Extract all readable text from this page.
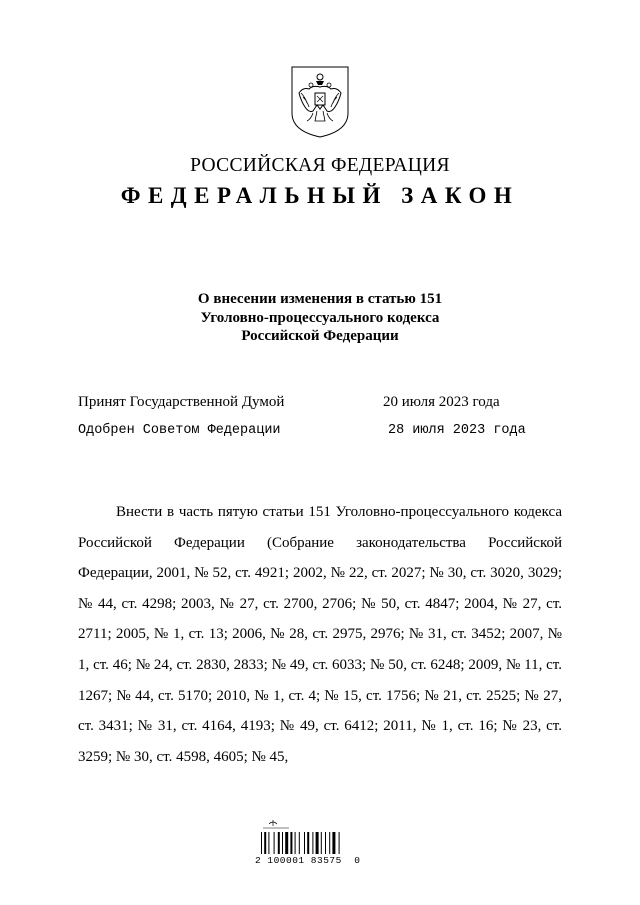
РОССИЙСКАЯ ФЕДЕРАЦИЯ
ФЕДЕРАЛЬНЫЙ ЗАКОН
О внесении изменения в статью 151
Уголовно-процессуального кодекса
Российской Федерации
Принят Государственной Думой	20 июля 2023 года
Одобрен Советом Федерации	28 июля 2023 года

Внести в часть пятую статьи 151 Уголовно-процессуального кодекса Российской Федерации (Собрание законодательства Российской Федерации, 2001, № 52, ст. 4921; 2002, № 22, ст. 2027; № 30, ст. 3020, 3029; № 44, ст. 4298; 2003, № 27, ст. 2700, 2706; № 50, ст. 4847; 2004, № 27, ст. 2711; 2005, № 1, ст. 13; 2006, № 28, ст. 2975, 2976; № 31, ст. 3452; 2007, № 1, ст. 46; № 24, ст. 2830, 2833; № 49, ст. 6033; № 50, ст. 6248; 2009, № 11, ст. 1267; № 44, ст. 5170; 2010, № 1, ст. 4; № 15, ст. 1756; № 21, ст. 2525; № 27, ст. 3431; № 31, ст. 4164, 4193; № 49, ст. 6412; 2011, № 1, ст. 16; № 23, ст. 3259; № 30, ст. 4598, 4605; № 45,

2 100001 83575  0
